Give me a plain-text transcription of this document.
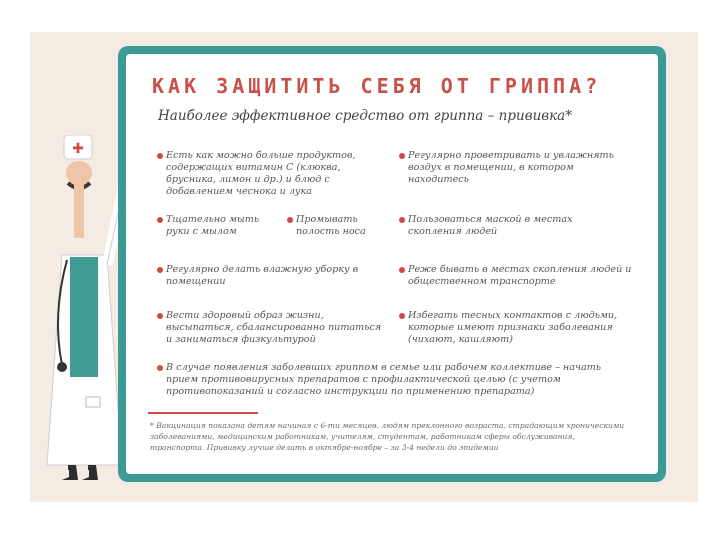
✚
КАК ЗАЩИТИТЬ СЕБЯ ОТ ГРИППА?
Наиболее эффективное средство от гриппа – прививка*
Есть как можно больше продуктов, содержащих витамин С (клюква, брусника, лимон и др.) и блюд с добавлением чеснока и лука
Регулярно проветривать и увлажнять воздух в помещении, в котором находитесь
Тщательно мыть руки с мылом
Промывать полость носа
Пользоваться маской в местах скопления людей
Регулярно делать влажную уборку в помещении
Реже бывать в местах скопления людей и общественном транспорте
Вести здоровый образ жизни, высыпаться, сбалансированно питаться и заниматься физкультурой
Избегать тесных контактов с людьми, которые имеют признаки заболевания (чихают, кашляют)
В случае появления заболевших гриппом в семье или рабочем коллективе – начать прием противовирусных препаратов с профилактической целью (с учетом противопоказаний и согласно инструкции по применению препарата)
* Вакцинация показана детям начиная с 6-ти месяцев, людям преклонного возраста, страдающим хроническими заболеваниями, медицинским работникам, учителям, студентам, работникам сферы обслуживания, транспорта. Прививку лучше делать в октябре-ноябре – за 3-4 недели до эпидемии
